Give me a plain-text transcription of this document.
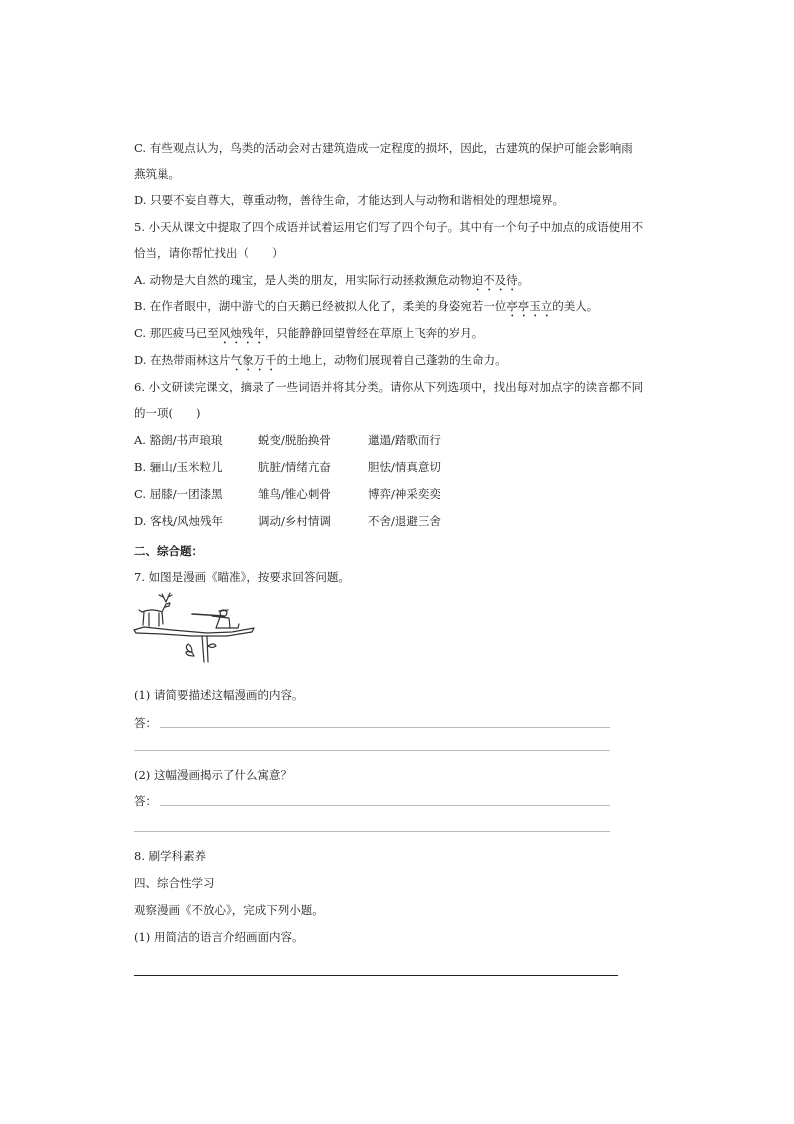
C. 有些观点认为，鸟类的活动会对古建筑造成一定程度的损坏，因此，古建筑的保护可能会影响雨
燕筑巢。
D. 只要不妄自尊大，尊重动物，善待生命，才能达到人与动物和谐相处的理想境界。
5. 小天从课文中提取了四个成语并试着运用它们写了四个句子。其中有一个句子中加点的成语使用不
恰当，请你帮忙找出（　　）
A. 动物是大自然的瑰宝，是人类的朋友，用实际行动拯救濒危动物迫不及待。
B. 在作者眼中，湖中游弋的白天鹅已经被拟人化了，柔美的身姿宛若一位亭亭玉立的美人。
C. 那匹疲马已至风烛残年，只能静静回望曾经在草原上飞奔的岁月。
D. 在热带雨林这片气象万千的土地上，动物们展现着自己蓬勃的生命力。
6. 小文研读完课文，摘录了一些词语并将其分类。请你从下列选项中，找出每对加点字的读音都不同
的一项(　　)
A. 豁朗/书声琅琅	蜕变/脱胎换骨	邋遢/踏歌而行
B. 骊山/玉米粒儿	肮脏/情绪亢奋	胆怯/情真意切
C. 屈膝/一团漆黑	雏鸟/锥心刺骨	博弈/神采奕奕
D. 客栈/风烛残年	调动/乡村情调	不舍/退避三舍
二、综合题：
7. 如图是漫画《瞄准》，按要求回答问题。
(1) 请简要描述这幅漫画的内容。
答：
(2) 这幅漫画揭示了什么寓意？
答：
8. 刷学科素养
四、综合性学习
观察漫画《不放心》，完成下列小题。
(1) 用简洁的语言介绍画面内容。
